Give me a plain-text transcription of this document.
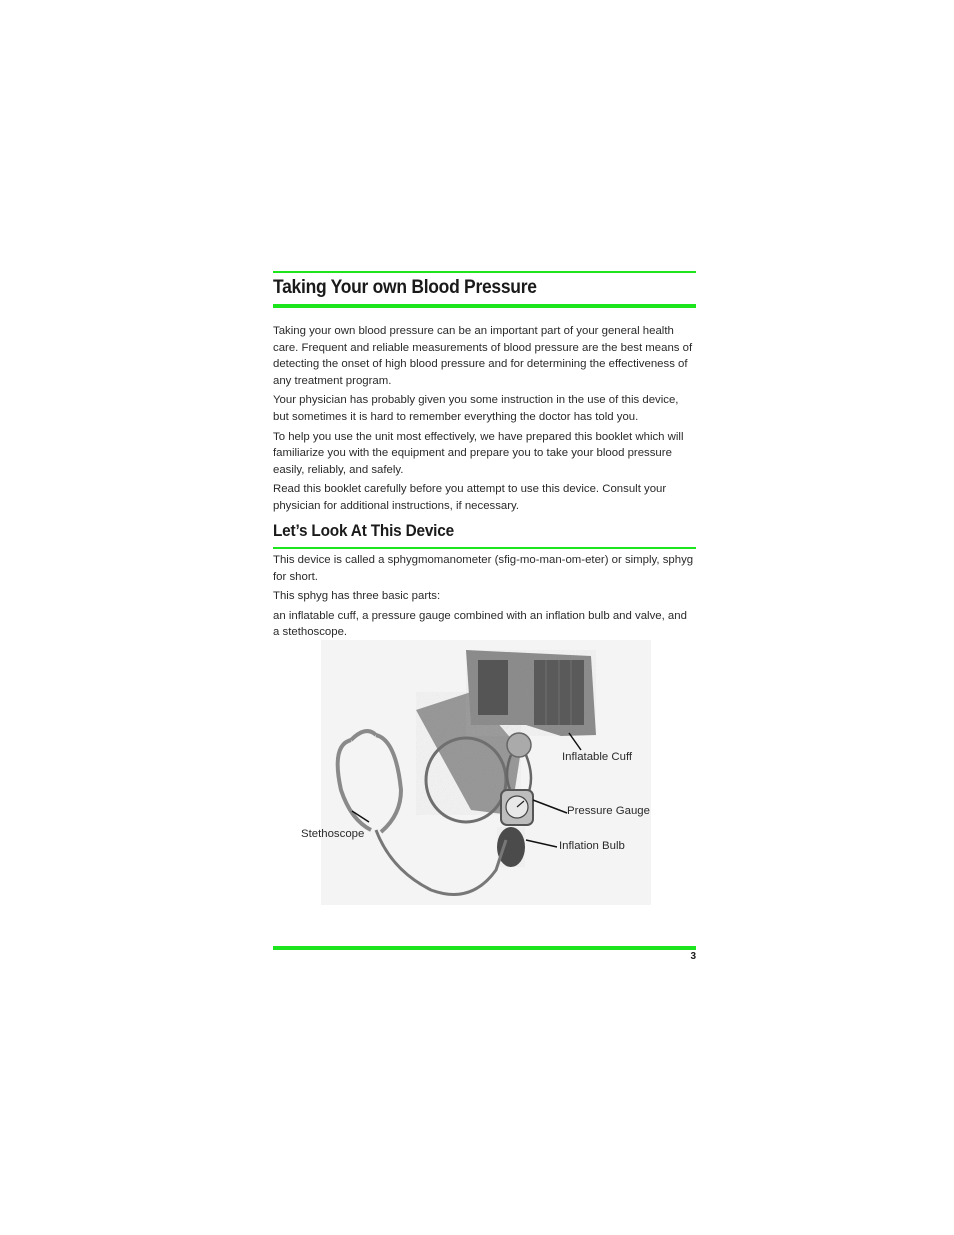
Taking Your own Blood Pressure

Taking your own blood pressure can be an important part of your general health care. Frequent and reliable measurements of blood pressure are the best means of detecting the onset of high blood pressure and for determining the effectiveness of any treatment program.

Your physician has probably given you some instruction in the use of this device, but sometimes it is hard to remember everything the doctor has told you.

To help you use the unit most effectively, we have prepared this booklet which will familiarize you with the equipment and prepare you to take your blood pressure easily, reliably, and safely.

Read this booklet carefully before you attempt to use this device. Consult your physician for additional instructions, if necessary.

Let’s Look At This Device

This device is called a sphygmomanometer (sfig-mo-man-om-eter) or simply, sphyg for short.

This sphyg has three basic parts:

an inflatable cuff, a pressure gauge combined with an inflation bulb and valve, and a stethoscope.

Inflatable Cuff
Pressure Gauge
Inflation Bulb
Stethoscope
3
